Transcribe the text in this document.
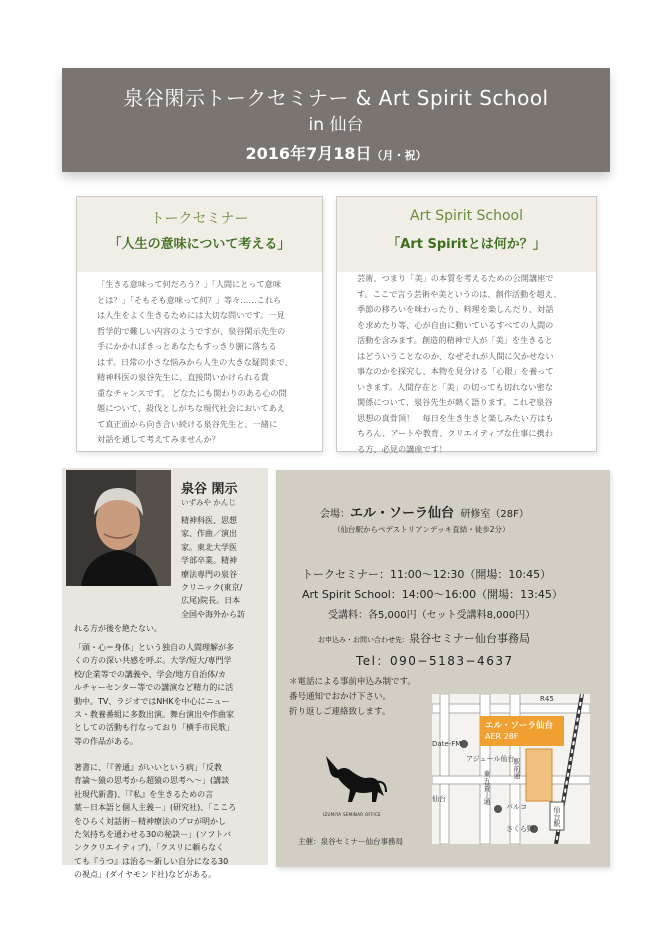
泉谷閑示トークセミナー & Art Spirit School
in 仙台
2016年7月18日（月・祝）
トークセミナー
「人生の意味について考える」

「生きる意味って何だろう？」「人間にとって意味
とは？」「そもそも意味って何？」等々……これら
は人生をよく生きるためには大切な問いです。一見
哲学的で難しい内容のようですが、泉谷閑示先生の
手にかかればきっとあなたもすっきり腑に落ちる
はず。日常の小さな悩みから人生の大きな疑問まで、
精神科医の泉谷先生に、直接問いかけられる貴
重なチャンスです。 どなたにも関わりのある心の問
題について、殺伐としがちな現代社会においてあえ
て真正面から向き合い続ける泉谷先生と、一緒に
対話を通して考えてみませんか？

Art Spirit School
「Art Spiritとは何か？」

芸術、つまり「美」の本質を考えるための公開講座で
す。ここで言う芸術や美というのは、創作活動を超え、
季節の移ろいを味わったり、料理を楽しんだり、対話
を求めたり等、心が自由に動いているすべての人間の
活動を含みます。創造的精神で人が「美」を生きると
はどういうことなのか、なぜそれが人間に欠かせない
事なのかを探究し、本物を見分ける「心眼」を養って
いきます。人間存在と「美」の切っても切れない密な
関係について、泉谷先生が熱く語ります。これぞ泉谷
思想の真骨頂！　毎日を生き生きと楽しみたい方はも
ちろん、アートや教育、クリエイティブな仕事に携わ
る方、必見の講座です！

泉谷 閑示
いずみや かんじ

精神科医、思想
家、作曲／演出
家。東北大学医
学部卒業。精神
療法専門の泉谷
クリニック(東京/
広尾)院長。日本
全国や海外から訪

れる方が後を絶たない。

「頭・心＝身体」という独自の人間理解が多
くの方の深い共感を呼ぶ。大学/短大/専門学
校/企業等での講義や、学会/地方自治体/カ
ルチャーセンター等での講演など精力的に活
動中。TV、ラジオではNHKを中心にニュー
ス・教養番組に多数出演。舞台演出や作曲家
としての活動も行なっており「横手市民歌」
等の作品がある。

著書に、「『普通』がいいという病」「反教
育論～猿の思考から超猿の思考へ～」(講談
社現代新書)、「『私』を生きるための言
葉－日本語と個人主義－」(研究社)、「こころ
をひらく対話術－精神療法のプロが明かし
た気持ちを通わせる30の秘訣－」(ソフトバ
ンククリエイティブ)、「クスリに頼らなく
ても『うつ』は治る～新しい自分になる30
の視点」(ダイヤモンド社)などがある。

会場：エル・ソーラ仙台 研修室（28F）
（仙台駅からペデストリアンデッキ直結・徒歩2分）
トークセミナー：11:00～12:30（開場：10:45）
Art Spirit School：14:00～16:00（開場：13:45）
受講料：各5,000円（セット受講料8,000円）
お申込み・お問い合わせ先：泉谷セミナー仙台事務局
Tel：090−5183−4637
＊電話による事前申込み制です。
番号通知でおかけ下さい。
折り返しご連絡致します。
IZUMIYA SEMINAR OFFICE
主催：泉谷セミナー仙台事務局
エル・ソーラ仙台
AER 28F
R45
Date-FM
アジェール仙台
東五番丁通
駅前通
仙台
パルコ
さくら野
仙台駅
